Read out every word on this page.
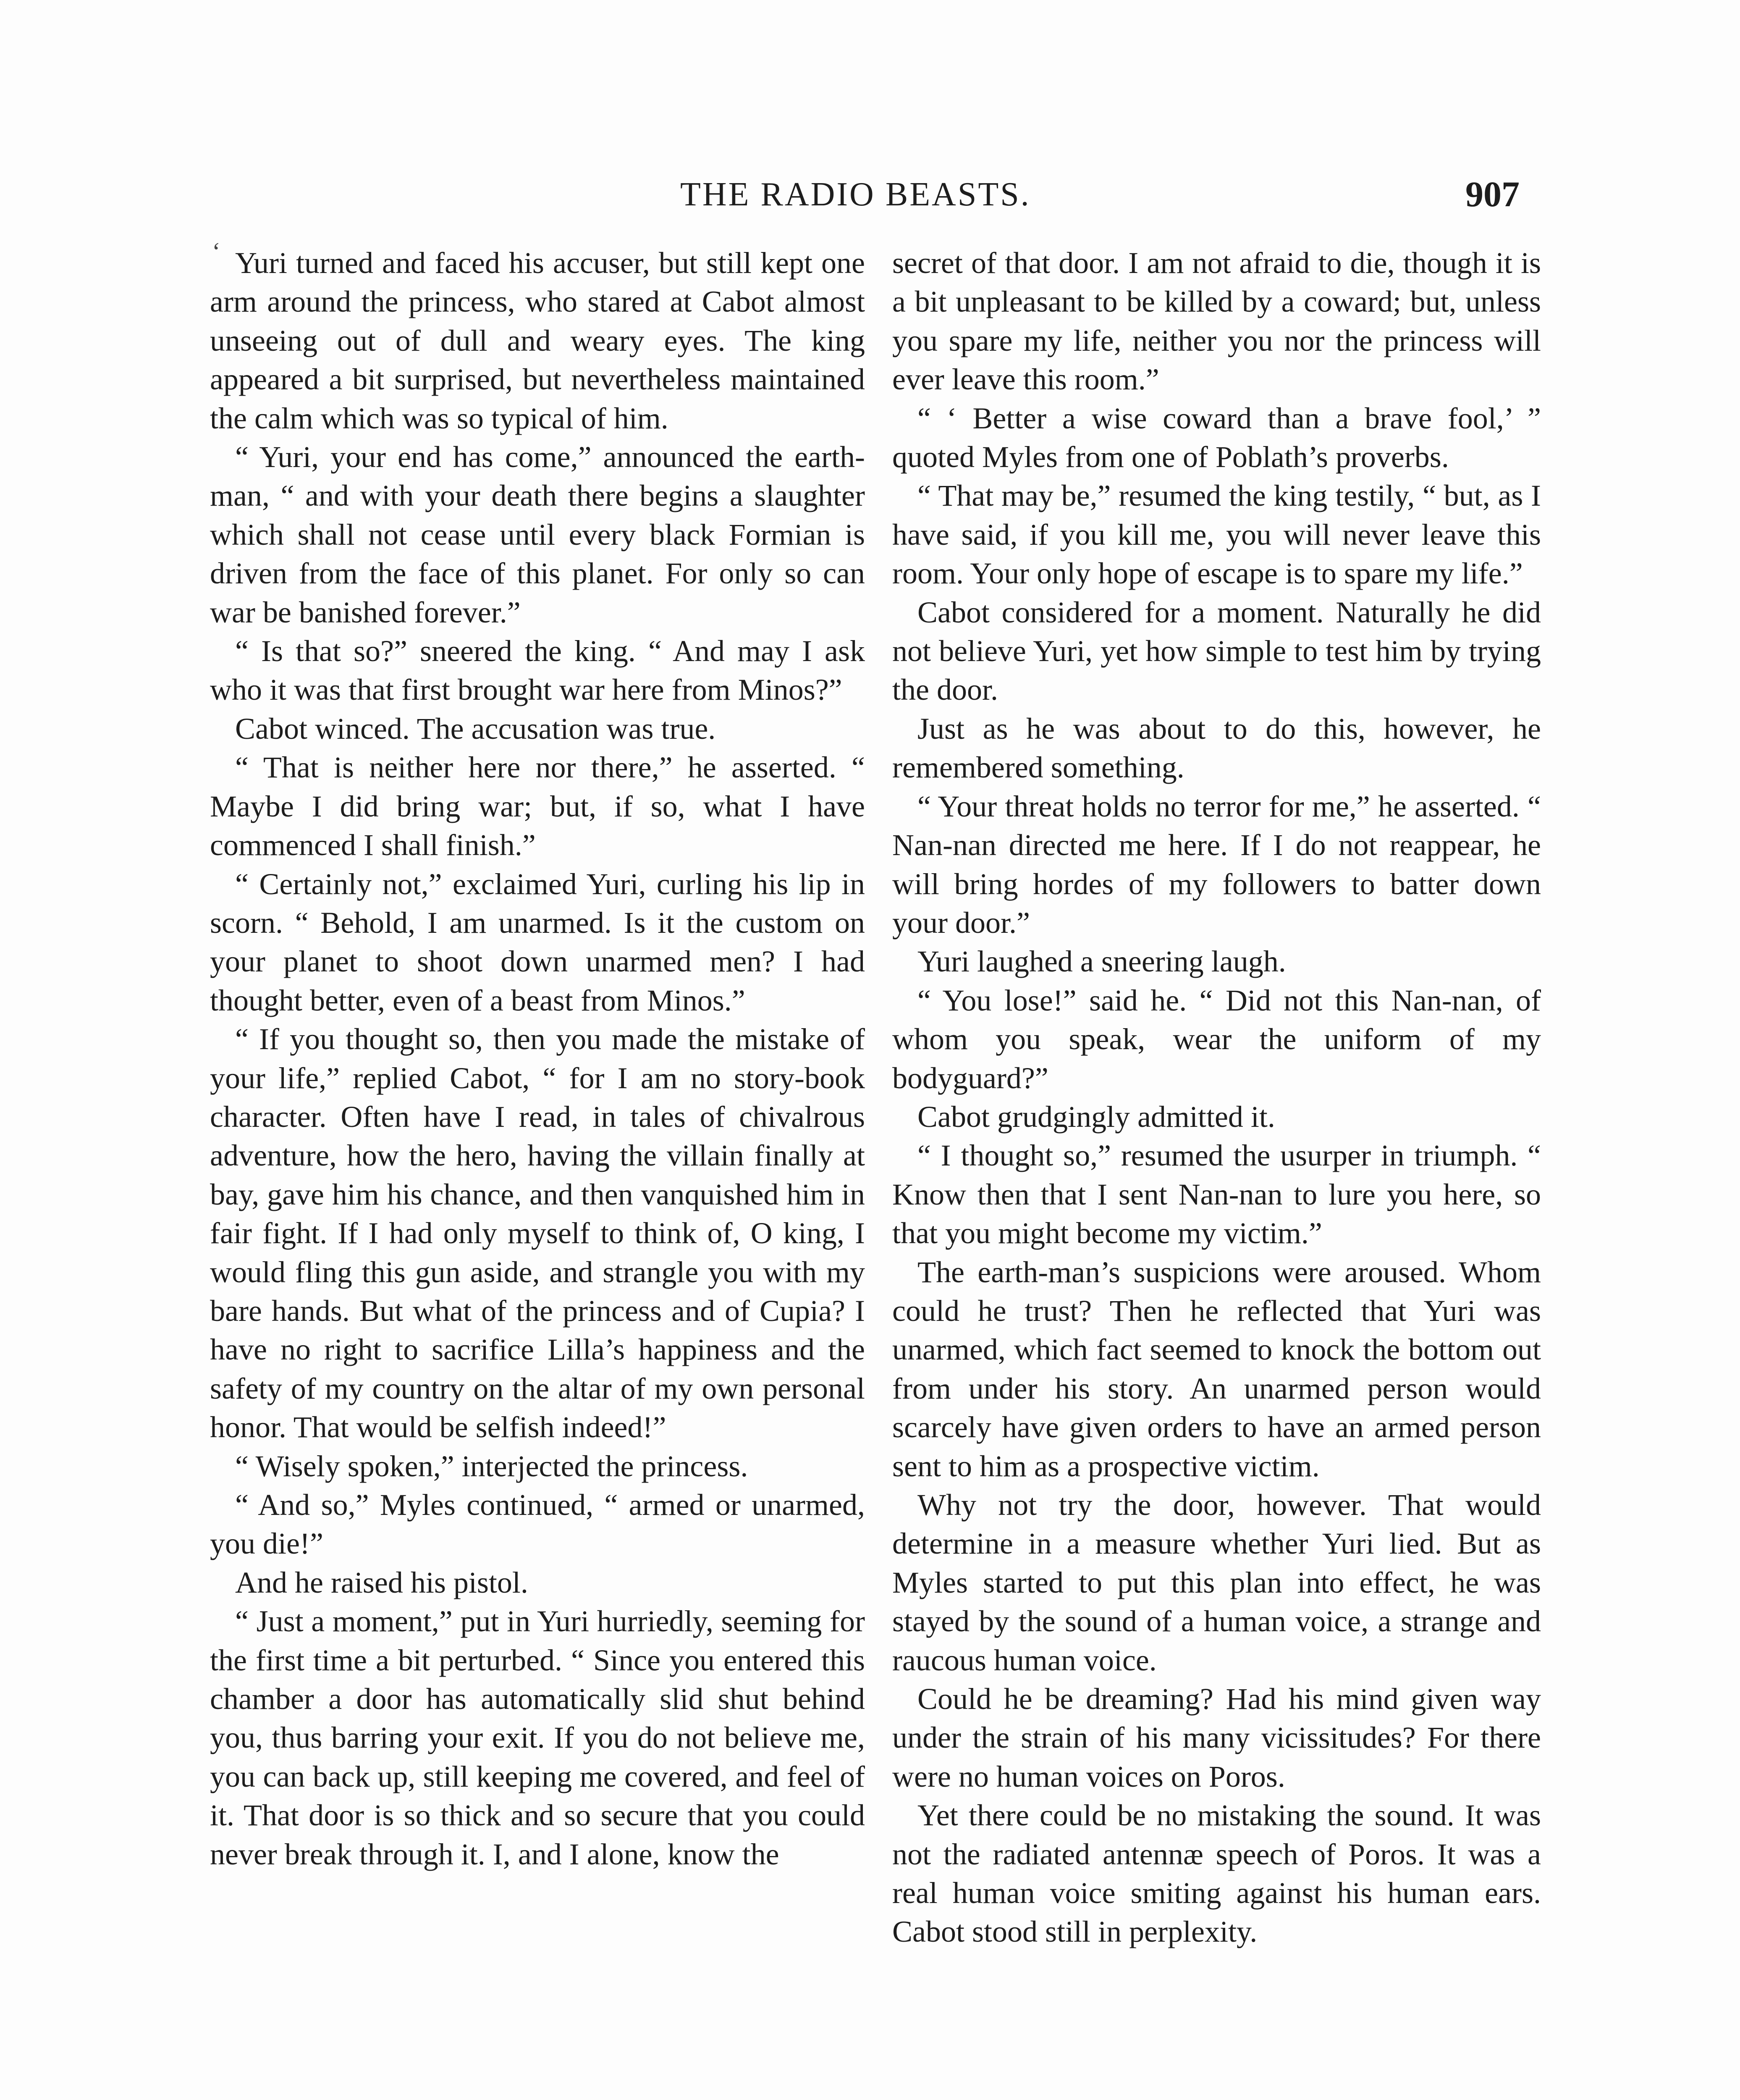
ʻ
THE RADIO BEASTS.	907

Yuri turned and faced his accuser, but still kept one arm around the princess, who stared at Cabot almost unseeing out of dull and weary eyes. The king appeared a bit surprised, but nevertheless maintained the calm which was so typical of him.

“ Yuri, your end has come,” announced the earth-man, “ and with your death there begins a slaughter which shall not cease until every black Formian is driven from the face of this planet. For only so can war be banished forever.”

“ Is that so?” sneered the king. “ And may I ask who it was that first brought war here from Minos?”

Cabot winced. The accusation was true.

“ That is neither here nor there,” he asserted. “ Maybe I did bring war; but, if so, what I have commenced I shall finish.”

“ Certainly not,” exclaimed Yuri, curling his lip in scorn. “ Behold, I am unarmed. Is it the custom on your planet to shoot down unarmed men? I had thought better, even of a beast from Minos.”

“ If you thought so, then you made the mistake of your life,” replied Cabot, “ for I am no story-book character. Often have I read, in tales of chivalrous adventure, how the hero, having the villain finally at bay, gave him his chance, and then vanquished him in fair fight. If I had only myself to think of, O king, I would fling this gun aside, and strangle you with my bare hands. But what of the princess and of Cupia? I have no right to sacrifice Lilla’s happiness and the safety of my country on the altar of my own personal honor. That would be selfish indeed!”

“ Wisely spoken,” interjected the princess.

“ And so,” Myles continued, “ armed or unarmed, you die!”

And he raised his pistol.

“ Just a moment,” put in Yuri hurriedly, seeming for the first time a bit perturbed. “ Since you entered this chamber a door has automatically slid shut behind you, thus barring your exit. If you do not believe me, you can back up, still keeping me covered, and feel of it. That door is so thick and so secure that you could never break through it. I, and I alone, know the

secret of that door. I am not afraid to die, though it is a bit unpleasant to be killed by a coward; but, unless you spare my life, neither you nor the princess will ever leave this room.”

“ ‘ Better a wise coward than a brave fool,’ ” quoted Myles from one of Poblath’s proverbs.

“ That may be,” resumed the king testily, “ but, as I have said, if you kill me, you will never leave this room. Your only hope of escape is to spare my life.”

Cabot considered for a moment. Naturally he did not believe Yuri, yet how simple to test him by trying the door.

Just as he was about to do this, however, he remembered something.

“ Your threat holds no terror for me,” he asserted. “ Nan-nan directed me here. If I do not reappear, he will bring hordes of my followers to batter down your door.”

Yuri laughed a sneering laugh.

“ You lose!” said he. “ Did not this Nan-nan, of whom you speak, wear the uniform of my bodyguard?”

Cabot grudgingly admitted it.

“ I thought so,” resumed the usurper in triumph. “ Know then that I sent Nan-nan to lure you here, so that you might become my victim.”

The earth-man’s suspicions were aroused. Whom could he trust? Then he reflected that Yuri was unarmed, which fact seemed to knock the bottom out from under his story. An unarmed person would scarcely have given orders to have an armed person sent to him as a prospective victim.

Why not try the door, however. That would determine in a measure whether Yuri lied. But as Myles started to put this plan into effect, he was stayed by the sound of a human voice, a strange and raucous human voice.

Could he be dreaming? Had his mind given way under the strain of his many vicissitudes? For there were no human voices on Poros.

Yet there could be no mistaking the sound. It was not the radiated antennæ speech of Poros. It was a real human voice smiting against his human ears. Cabot stood still in perplexity.
